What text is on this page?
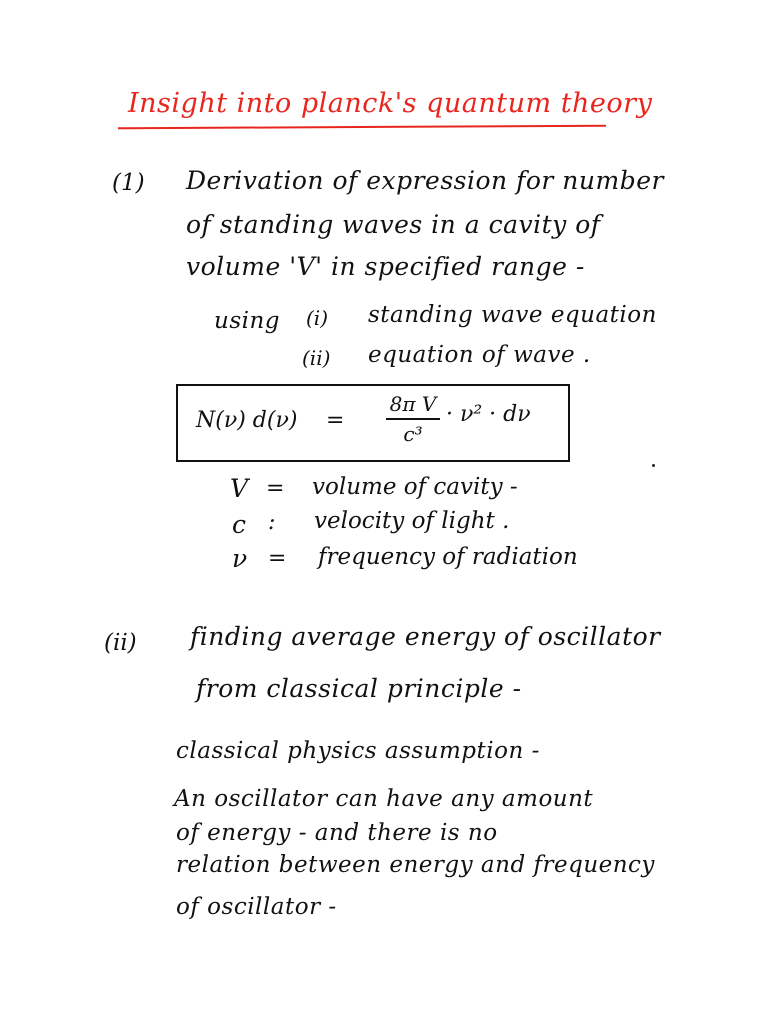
Insight into planck's quantum theory
(1) Derivation of expression for number
of standing waves in a cavity of
volume 'V' in specified range -
using (i) standing wave equation
(ii) equation of wave .
N(ν) d(ν) =
8π V
c³
· ν² · dν
V = volume of cavity -
c : velocity of light .
ν = frequency of radiation
(ii) finding average energy of oscillator
from classical principle -
classical physics assumption -
An oscillator can have any amount
of energy - and there is no
relation between energy and frequency
of oscillator -
